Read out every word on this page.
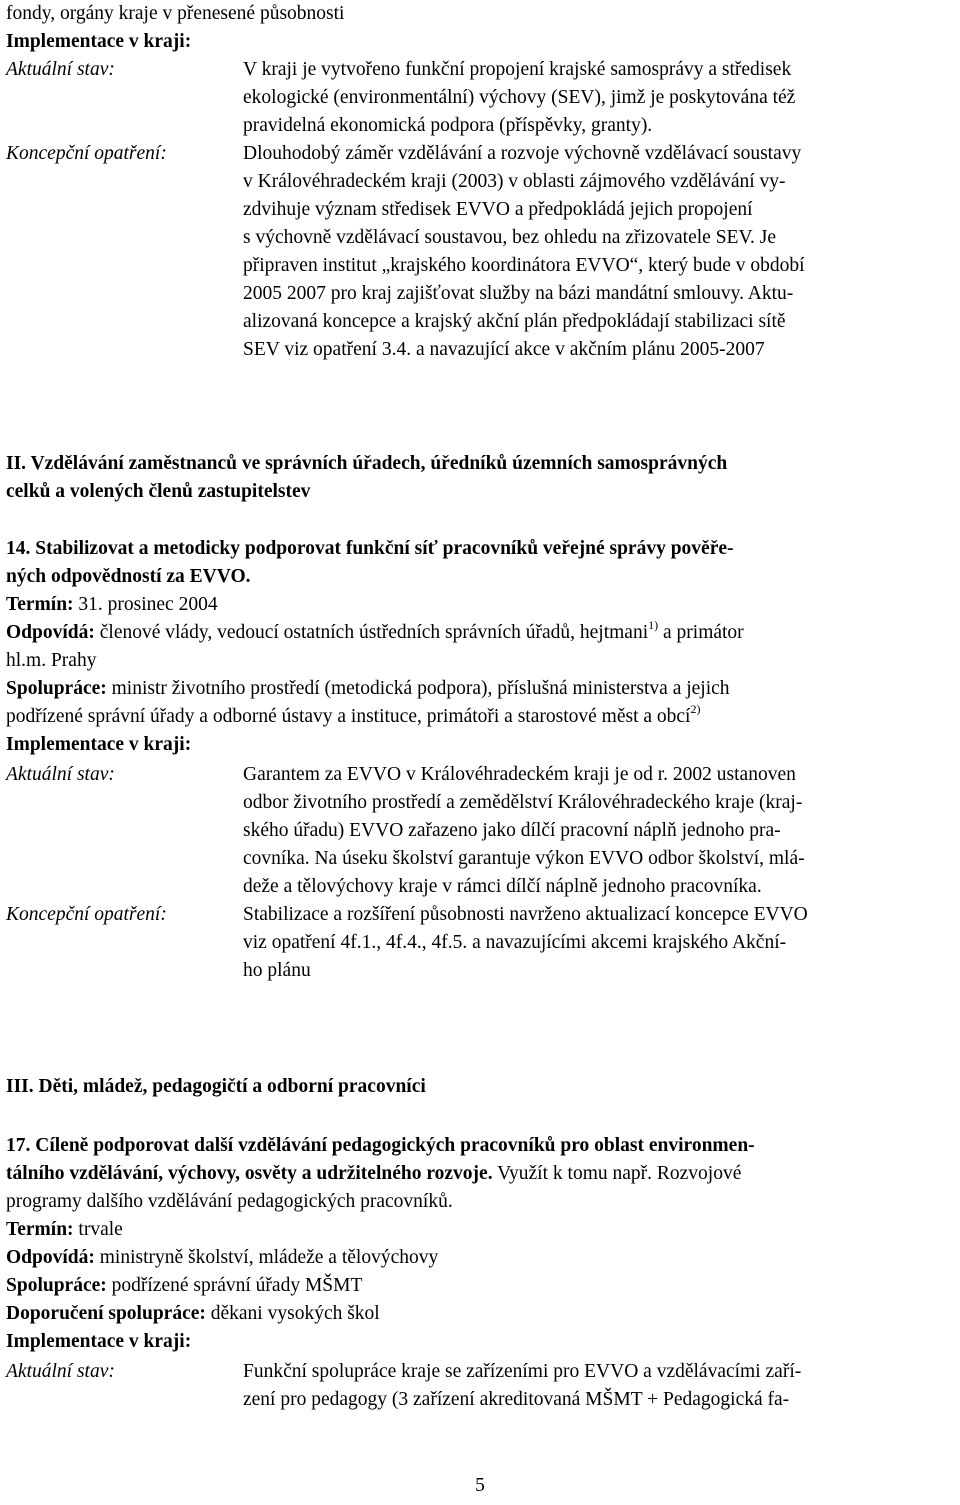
fondy, orgány kraje v přenesené působnosti
Implementace v kraji:
Aktuální stav:	V kraji je vytvořeno funkční propojení krajské samosprávy a středisek
ekologické (environmentální) výchovy (SEV), jimž je poskytována též
pravidelná ekonomická podpora (příspěvky, granty).
Koncepční opatření:	Dlouhodobý záměr vzdělávání a rozvoje výchovně vzdělávací soustavy
v Královéhradeckém kraji (2003) v oblasti zájmového vzdělávání vy-
zdvihuje význam středisek EVVO a předpokládá jejich propojení
s výchovně vzdělávací soustavou, bez ohledu na zřizovatele SEV. Je
připraven institut „krajského koordinátora EVVO“, který bude v období
2005 2007 pro kraj zajišťovat služby na bázi mandátní smlouvy. Aktu-
alizovaná koncepce a krajský akční plán předpokládají stabilizaci sítě
SEV viz opatření 3.4. a navazující akce v akčním plánu 2005-2007
II. Vzdělávání zaměstnanců ve správních úřadech, úředníků územních samosprávných
celků a volených členů zastupitelstev
14. Stabilizovat a metodicky podporovat funkční síť pracovníků veřejné správy pověře-
ných odpovědností za EVVO.
Termín: 31. prosinec 2004
Odpovídá: členové vlády, vedoucí ostatních ústředních správních úřadů, hejtmani$^{1)}$ a primátor
hl.m. Prahy
Spolupráce: ministr životního prostředí (metodická podpora), příslušná ministerstva a jejich
podřízené správní úřady a odborné ústavy a instituce, primátoři a starostové měst a obcí$^{2)}$
Implementace v kraji:
Aktuální stav:	Garantem za EVVO v Královéhradeckém kraji je od r. 2002 ustanoven
odbor životního prostředí a zemědělství Královéhradeckého kraje (kraj-
ského úřadu) EVVO zařazeno jako dílčí pracovní náplň jednoho pra-
covníka. Na úseku školství garantuje výkon EVVO odbor školství, mlá-
deže a tělovýchovy kraje v rámci dílčí náplně jednoho pracovníka.
Koncepční opatření:	Stabilizace a rozšíření působnosti navrženo aktualizací koncepce EVVO
viz opatření 4f.1., 4f.4., 4f.5. a navazujícími akcemi krajského Akční-
ho plánu
III. Děti, mládež, pedagogičtí a odborní pracovníci
17. Cíleně podporovat další vzdělávání pedagogických pracovníků pro oblast environmen-
tálního vzdělávání, výchovy, osvěty a udržitelného rozvoje. Využít k tomu např. Rozvojové
programy dalšího vzdělávání pedagogických pracovníků.
Termín: trvale
Odpovídá: ministryně školství, mládeže a tělovýchovy
Spolupráce: podřízené správní úřady MŠMT
Doporučení spolupráce: děkani vysokých škol
Implementace v kraji:
Aktuální stav:	Funkční spolupráce kraje se zařízeními pro EVVO a vzdělávacími zaří-
zení pro pedagogy (3 zařízení akreditovaná MŠMT + Pedagogická fa-
5
